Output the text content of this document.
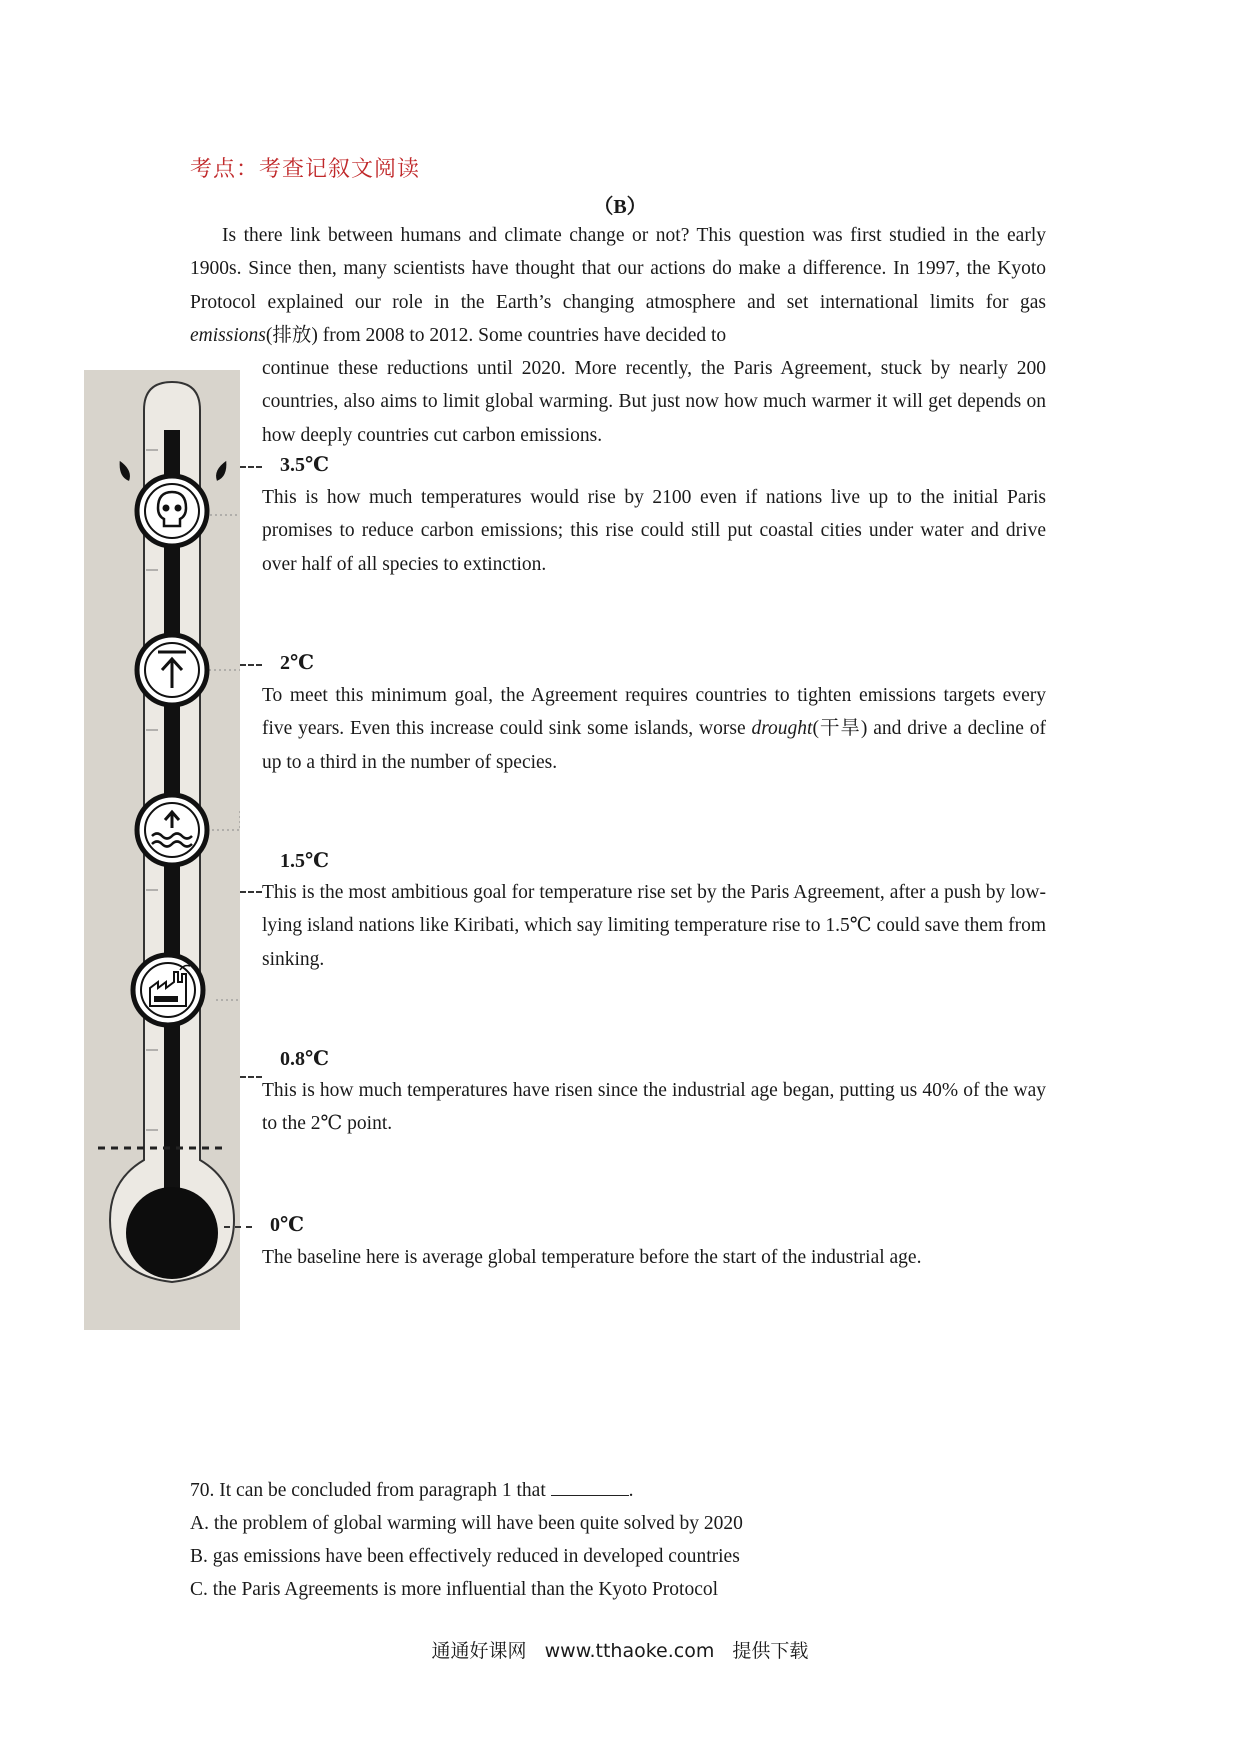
考点：考查记叙文阅读
（B）

Is there link between humans and climate change or not? This question was first studied in the early 1900s. Since then, many scientists have thought that our actions do make a difference. In 1997, the Kyoto Protocol explained our role in the Earth’s changing atmosphere and set international limits for gas emissions(排放) from 2008 to 2012. Some countries have decided to

continue these reductions until 2020. More recently, the Paris Agreement, stuck by nearly 200 countries, also aims to limit global warming. But just now how much warmer it will get depends on how deeply countries cut carbon emissions.

3.5℃

This is how much temperatures would rise by 2100 even if nations live up to the initial Paris promises to reduce carbon emissions; this rise could still put coastal cities under water and drive over half of all species to extinction.

2℃

To meet this minimum goal, the Agreement requires countries to tighten emissions targets every five years. Even this increase could sink some islands, worse drought(干旱) and drive a decline of up to a third in the number of species.

1.5℃

This is the most ambitious goal for temperature rise set by the Paris Agreement, after a push by low-lying island nations like Kiribati, which say limiting temperature rise to 1.5℃ could save them from sinking.

0.8℃

This is how much temperatures have risen since the industrial age began, putting us 40% of the way to the 2℃ point.

0℃

The baseline here is average global temperature before the start of the industrial age.

70. It can be concluded from paragraph 1 that	.
A. the problem of global warming will have been quite solved by 2020
B. gas emissions have been effectively reduced in developed countries
C. the Paris Agreements is more influential than the Kyoto Protocol
通通好课网 www.tthaoke.com 提供下载
